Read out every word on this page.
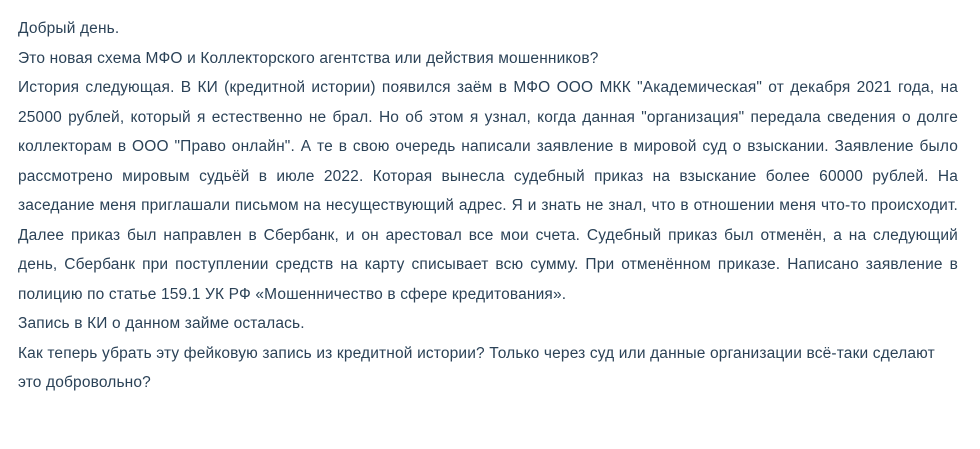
Добрый день.

Это новая схема МФО и Коллекторского агентства или действия мошенников?

История следующая. В КИ (кредитной истории) появился заём в МФО ООО МКК "Академическая" от декабря 2021 года, на 25000 рублей, который я естественно не брал. Но об этом я узнал, когда данная "организация" передала сведения о долге коллекторам в ООО "Право онлайн". А те в свою очередь написали заявление в мировой суд о взыскании. Заявление было рассмотрено мировым судьёй в июле 2022. Которая вынесла судебный приказ на взыскание более 60000 рублей. На заседание меня приглашали письмом на несуществующий адрес. Я и знать не знал, что в отношении меня что-то происходит. Далее приказ был направлен в Сбербанк, и он арестовал все мои счета. Судебный приказ был отменён, а на следующий день, Сбербанк при поступлении средств на карту списывает всю сумму. При отменённом приказе. Написано заявление в полицию по статье 159.1 УК РФ «Мошенничество в сфере кредитования».

Запись в КИ о данном займе осталась.

Как теперь убрать эту фейковую запись из кредитной истории? Только через суд или данные организации всё-таки сделают это добровольно?
